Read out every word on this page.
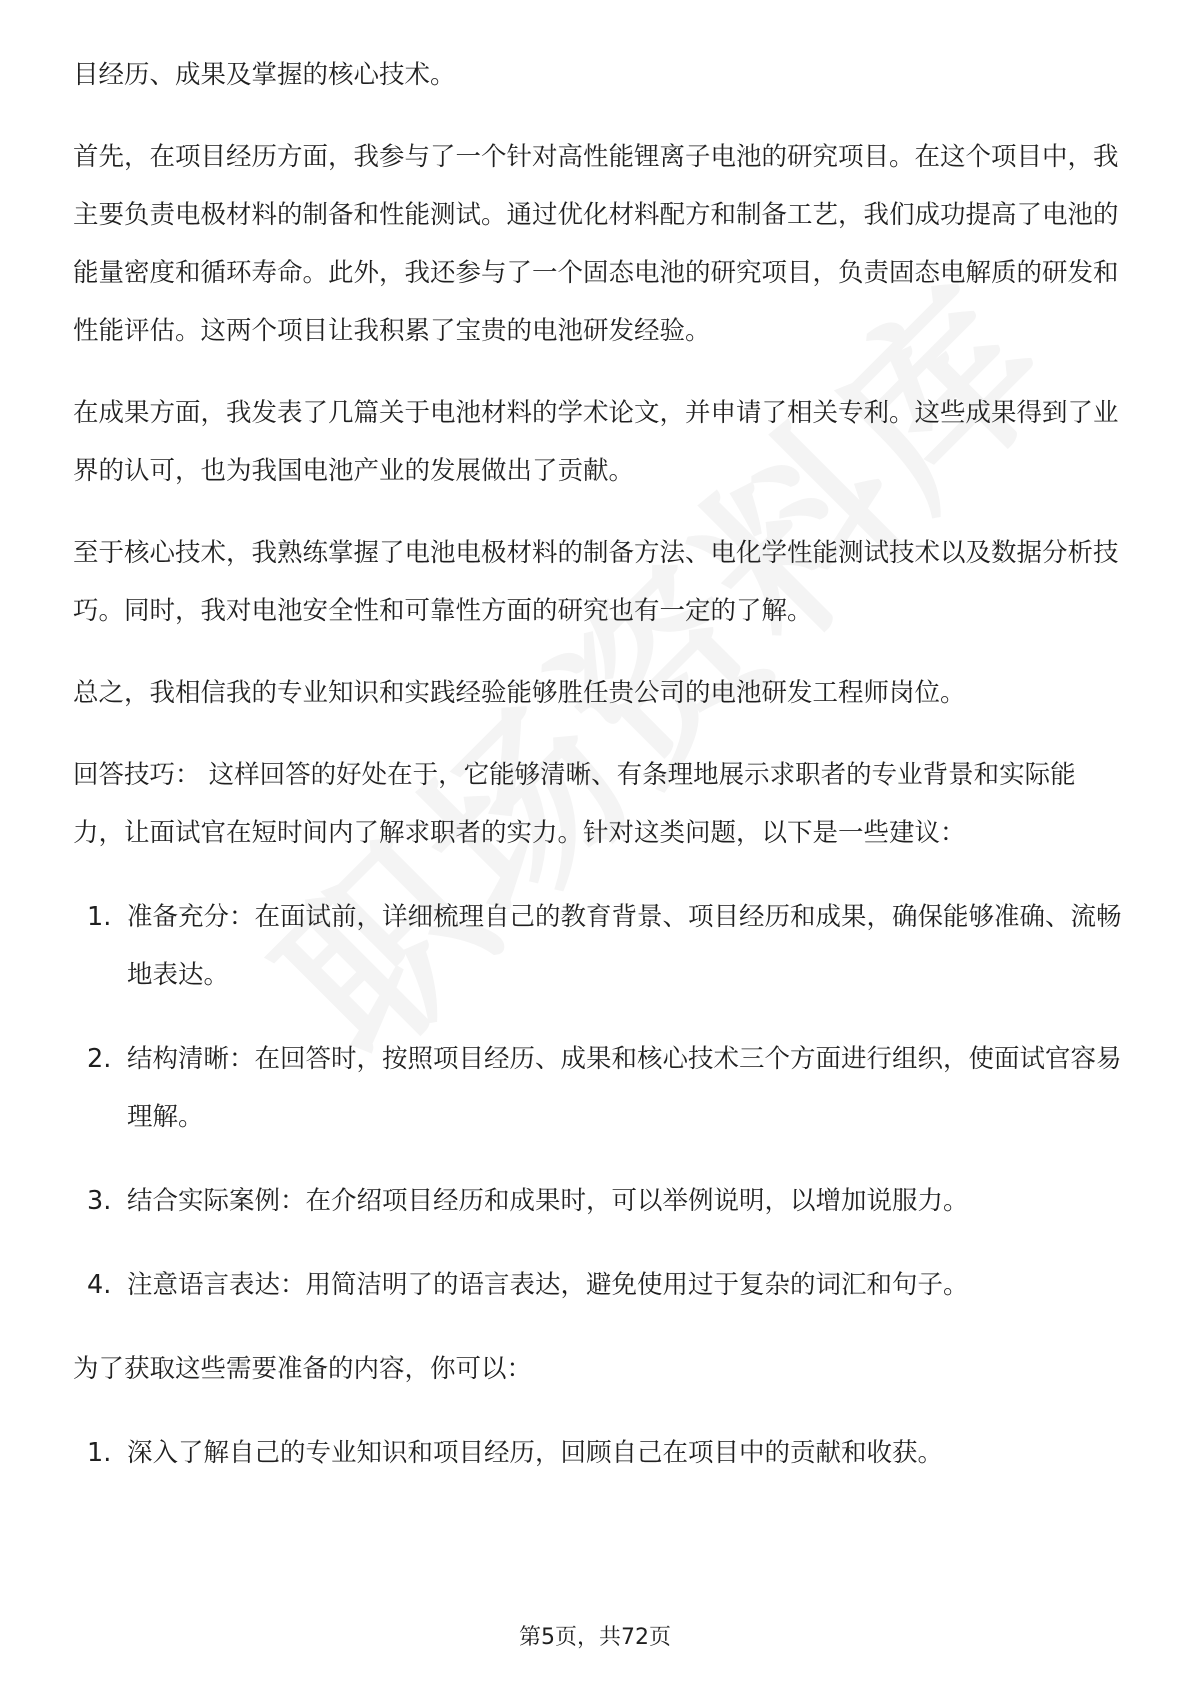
目经历、成果及掌握的核心技术。

首先，在项目经历方面，我参与了一个针对高性能锂离子电池的研究项目。在这个项目中，我主要负责电极材料的制备和性能测试。通过优化材料配方和制备工艺，我们成功提高了电池的能量密度和循环寿命。此外，我还参与了一个固态电池的研究项目，负责固态电解质的研发和性能评估。这两个项目让我积累了宝贵的电池研发经验。

在成果方面，我发表了几篇关于电池材料的学术论文，并申请了相关专利。这些成果得到了业界的认可，也为我国电池产业的发展做出了贡献。

至于核心技术，我熟练掌握了电池电极材料的制备方法、电化学性能测试技术以及数据分析技巧。同时，我对电池安全性和可靠性方面的研究也有一定的了解。

总之，我相信我的专业知识和实践经验能够胜任贵公司的电池研发工程师岗位。

回答技巧： 这样回答的好处在于，它能够清晰、有条理地展示求职者的专业背景和实际能力，让面试官在短时间内了解求职者的实力。针对这类问题，以下是一些建议：

1. 准备充分：在面试前，详细梳理自己的教育背景、项目经历和成果，确保能够准确、流畅地表达。
2. 结构清晰：在回答时，按照项目经历、成果和核心技术三个方面进行组织，使面试官容易理解。
3. 结合实际案例：在介绍项目经历和成果时，可以举例说明，以增加说服力。
4. 注意语言表达：用简洁明了的语言表达，避免使用过于复杂的词汇和句子。

为了获取这些需要准备的内容，你可以：

1. 深入了解自己的专业知识和项目经历，回顾自己在项目中的贡献和收获。
第5页，共72页
